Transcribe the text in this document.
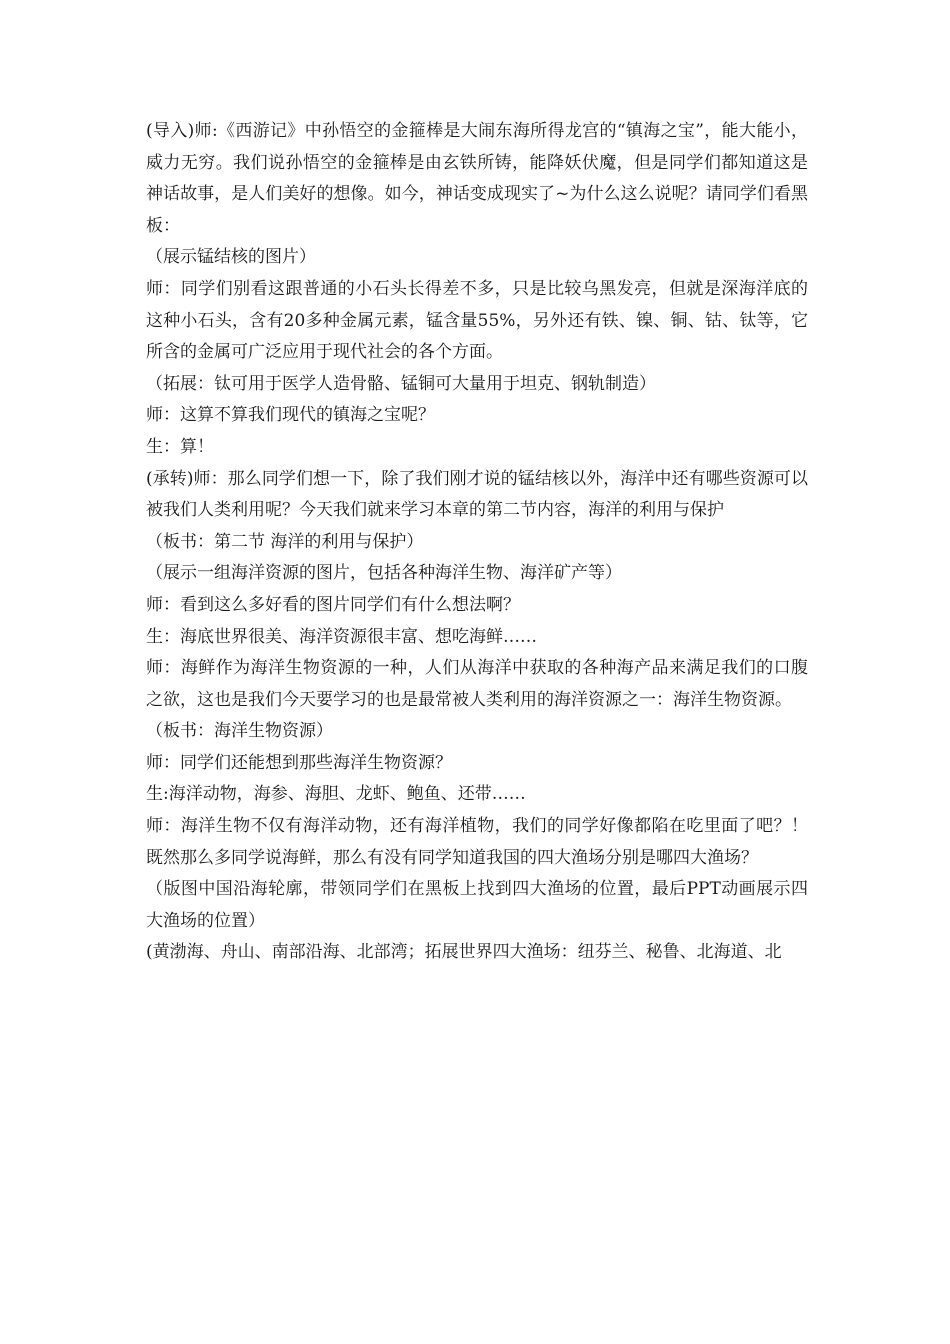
(导入)师:《西游记》中孙悟空的金箍棒是大闹东海所得龙宫的“镇海之宝”，能大能小，威力无穷。我们说孙悟空的金箍棒是由玄铁所铸，能降妖伏魔，但是同学们都知道这是神话故事，是人们美好的想像。如今，神话变成现实了~为什么这么说呢？请同学们看黑板：

（展示锰结核的图片）

师：同学们别看这跟普通的小石头长得差不多，只是比较乌黑发亮，但就是深海洋底的这种小石头，含有20多种金属元素，锰含量55%，另外还有铁、镍、铜、钴、钛等，它所含的金属可广泛应用于现代社会的各个方面。

（拓展：钛可用于医学人造骨骼、锰铜可大量用于坦克、钢轨制造）

师：这算不算我们现代的镇海之宝呢？

生：算！

(承转)师：那么同学们想一下，除了我们刚才说的锰结核以外，海洋中还有哪些资源可以被我们人类利用呢？今天我们就来学习本章的第二节内容，海洋的利用与保护

（板书：第二节 海洋的利用与保护）

（展示一组海洋资源的图片，包括各种海洋生物、海洋矿产等）

师：看到这么多好看的图片同学们有什么想法啊？

生：海底世界很美、海洋资源很丰富、想吃海鲜……

师：海鲜作为海洋生物资源的一种，人们从海洋中获取的各种海产品来满足我们的口腹之欲，这也是我们今天要学习的也是最常被人类利用的海洋资源之一：海洋生物资源。

（板书：海洋生物资源）

师：同学们还能想到那些海洋生物资源？

生:海洋动物，海参、海胆、龙虾、鲍鱼、还带……

师：海洋生物不仅有海洋动物，还有海洋植物，我们的同学好像都陷在吃里面了吧？！既然那么多同学说海鲜，那么有没有同学知道我国的四大渔场分别是哪四大渔场？

（版图中国沿海轮廓，带领同学们在黑板上找到四大渔场的位置，最后PPT动画展示四大渔场的位置）

(黄渤海、舟山、南部沿海、北部湾；拓展世界四大渔场：纽芬兰、秘鲁、北海道、北
